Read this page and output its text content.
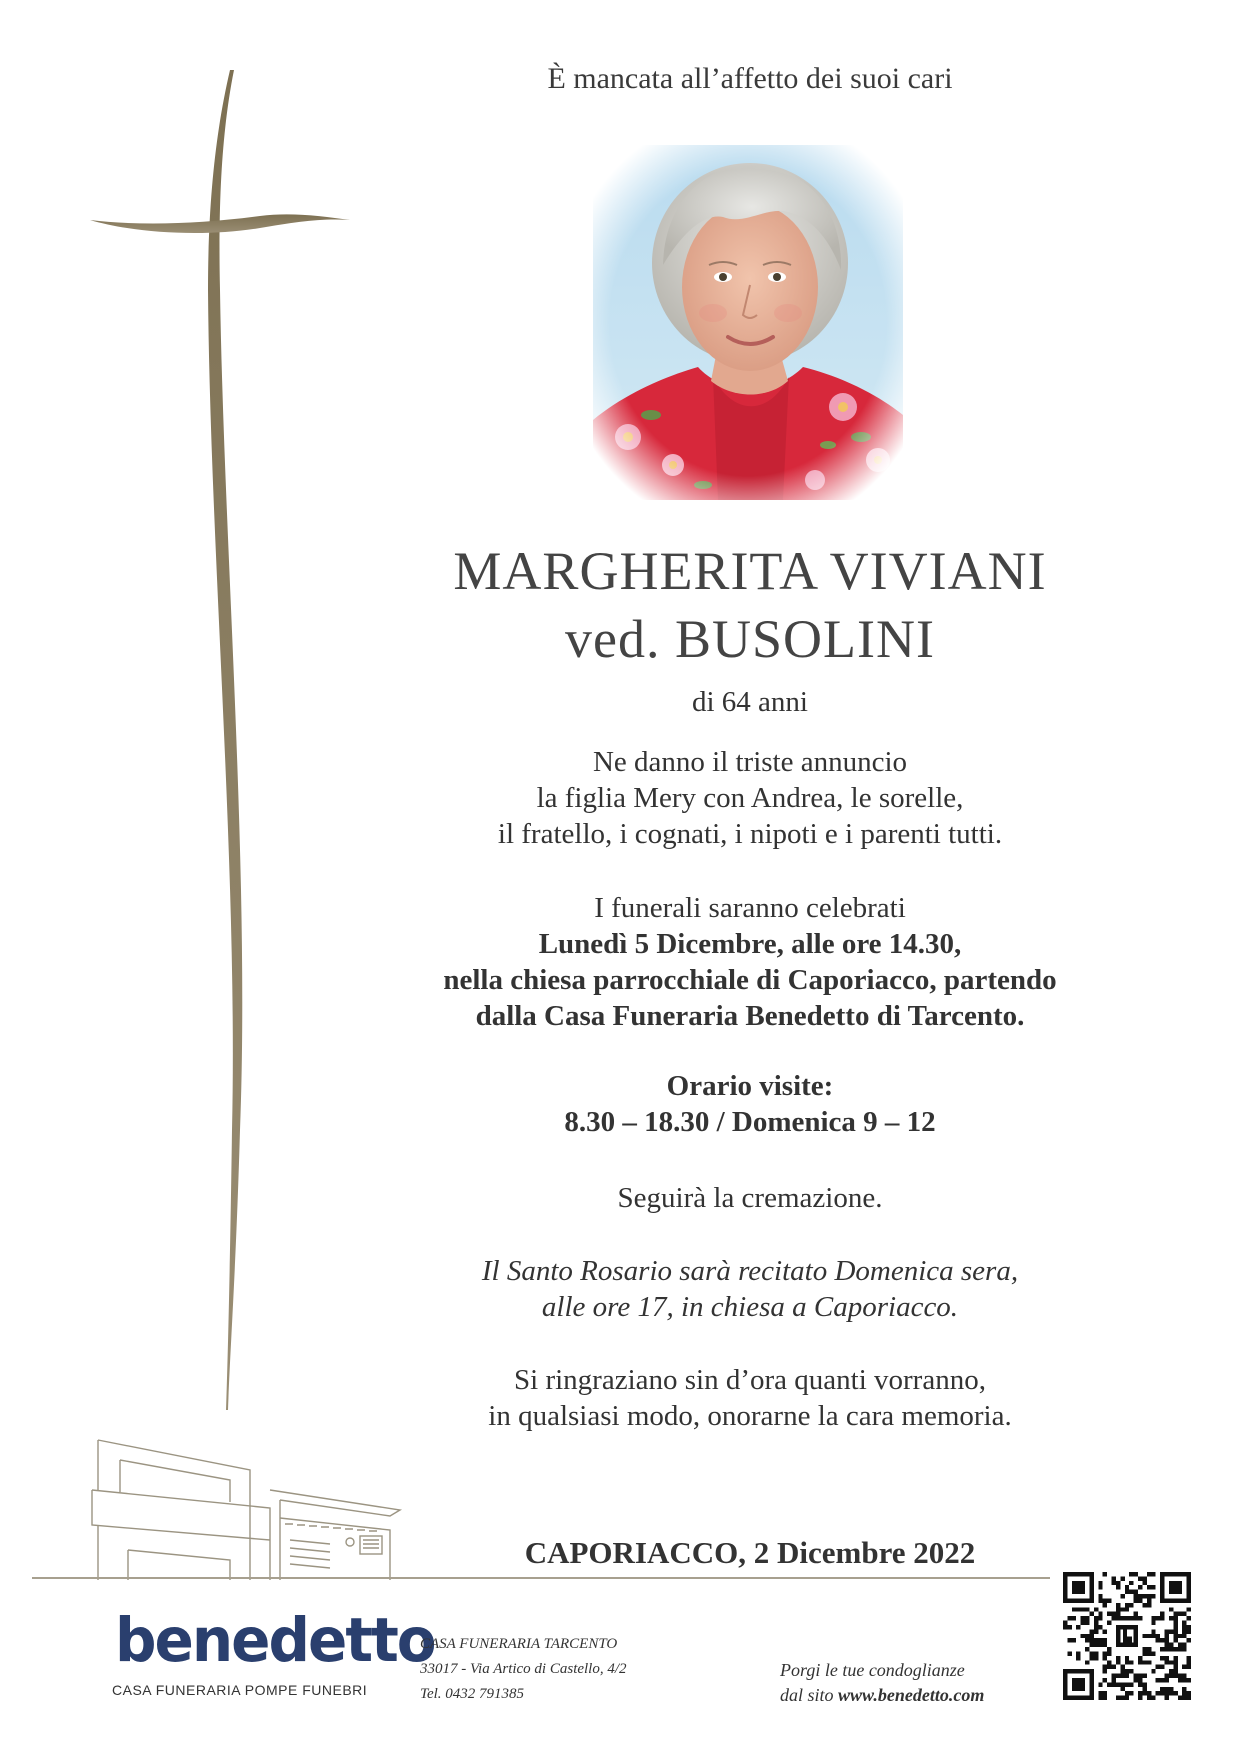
È mancata all’affetto dei suoi cari
MARGHERITA VIVIANI
ved. BUSOLINI
di 64 anni
Ne danno il triste annuncio
la figlia Mery con Andrea, le sorelle,
il fratello, i cognati, i nipoti e i parenti tutti.
I funerali saranno celebrati
Lunedì 5 Dicembre, alle ore 14.30,
nella chiesa parrocchiale di Caporiacco, partendo
dalla Casa Funeraria Benedetto di Tarcento.
Orario visite:
8.30 – 18.30 / Domenica 9 – 12
Seguirà la cremazione.
Il Santo Rosario sarà recitato Domenica sera,
alle ore 17, in chiesa a Caporiacco.
Si ringraziano sin d’ora quanti vorranno,
in qualsiasi modo, onorarne la cara memoria.
CAPORIACCO, 2 Dicembre 2022
benedetto
CASA FUNERARIA POMPE FUNEBRI
CASA FUNERARIA TARCENTO
33017 - Via Artico di Castello, 4/2
Tel. 0432 791385
Porgi le tue condoglianze
dal sito www.benedetto.com
